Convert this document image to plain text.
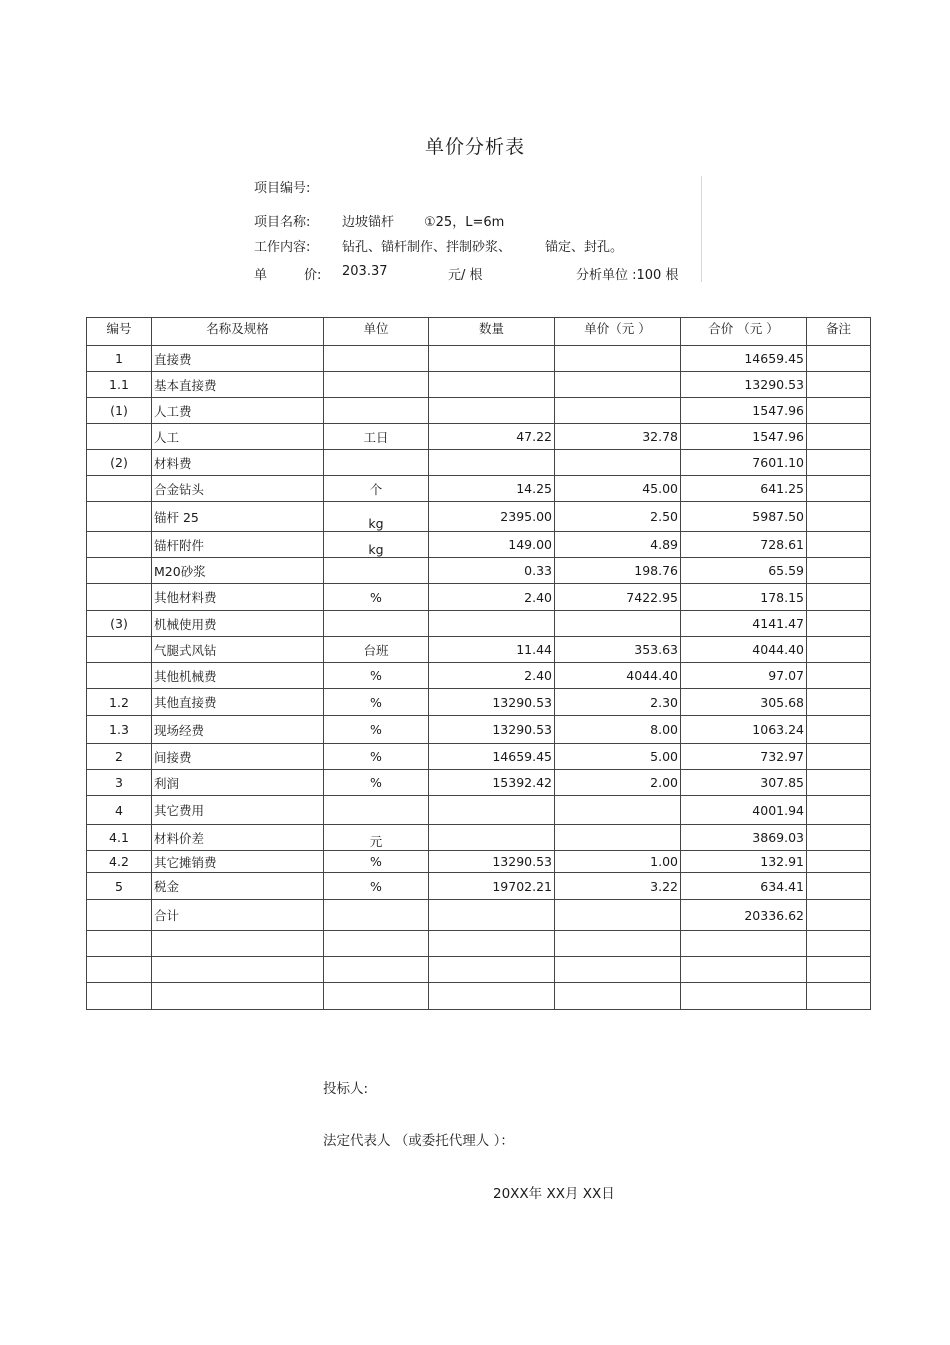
单价分析表
项目编号:
项目名称: 边坡锚杆 ①25，L=6m
工作内容: 钻孔、锚杆制作、拌制砂浆、	锚定、封孔。
单	价: 203.37	元/ 根	分析单位 :100 根
编号	名称及规格	单位	数量	单价（元 ）	合价 （元 ）	备注
1	直接费				14659.45	
1.1	基本直接费				13290.53	
(1)	人工费				1547.96	
	人工	工日	47.22	32.78	1547.96	
(2)	材料费				7601.10	
	合金钻头	个	14.25	45.00	641.25	
	锚杆 25	kg	2395.00	2.50	5987.50	
	锚杆附件	kg	149.00	4.89	728.61	
	M20砂浆		0.33	198.76	65.59	
	其他材料费	%	2.40	7422.95	178.15	
(3)	机械使用费				4141.47	
	气腿式风钻	台班	11.44	353.63	4044.40	
	其他机械费	%	2.40	4044.40	97.07	
1.2	其他直接费	%	13290.53	2.30	305.68	
1.3	现场经费	%	13290.53	8.00	1063.24	
2	间接费	%	14659.45	5.00	732.97	
3	利润	%	15392.42	2.00	307.85	
4	其它费用				4001.94	
4.1	材料价差	元			3869.03	
4.2	其它摊销费	%	13290.53	1.00	132.91	
5	税金	%	19702.21	3.22	634.41	
	合计				20336.62	

投标人:
法定代表人 （或委托代理人 ）：
20XX年 XX月 XX日
